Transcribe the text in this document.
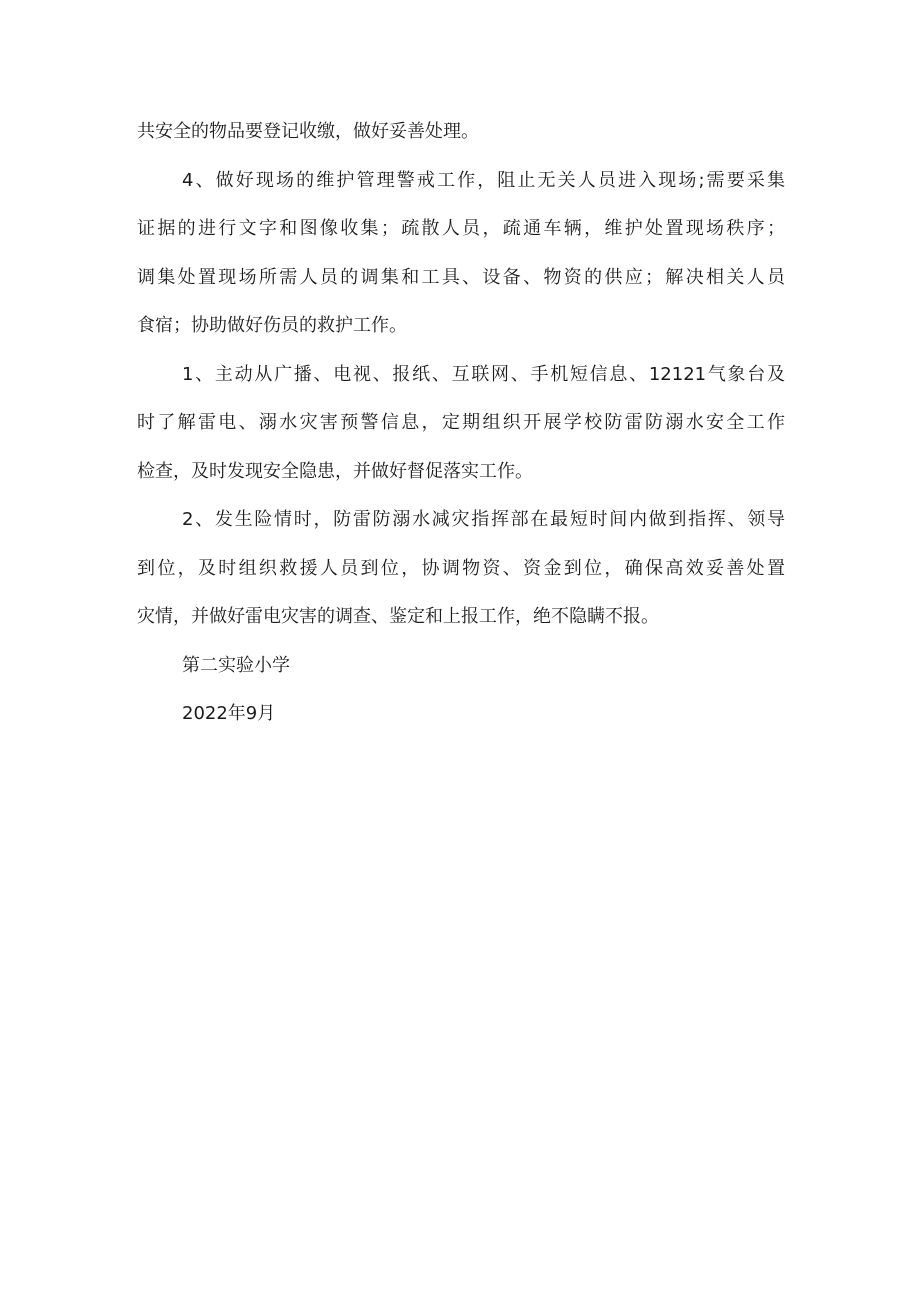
共安全的物品要登记收缴，做好妥善处理。
4、做好现场的维护管理警戒工作，阻止无关人员进入现场;需要采集
证据的进行文字和图像收集；疏散人员，疏通车辆，维护处置现场秩序；
调集处置现场所需人员的调集和工具、设备、物资的供应；解决相关人员
食宿；协助做好伤员的救护工作。
1、主动从广播、电视、报纸、互联网、手机短信息、12121气象台及
时了解雷电、溺水灾害预警信息，定期组织开展学校防雷防溺水安全工作
检查，及时发现安全隐患，并做好督促落实工作。
2、发生险情时，防雷防溺水减灾指挥部在最短时间内做到指挥、领导
到位，及时组织救援人员到位，协调物资、资金到位，确保高效妥善处置
灾情，并做好雷电灾害的调查、鉴定和上报工作，绝不隐瞒不报。
第二实验小学
2022年9月
